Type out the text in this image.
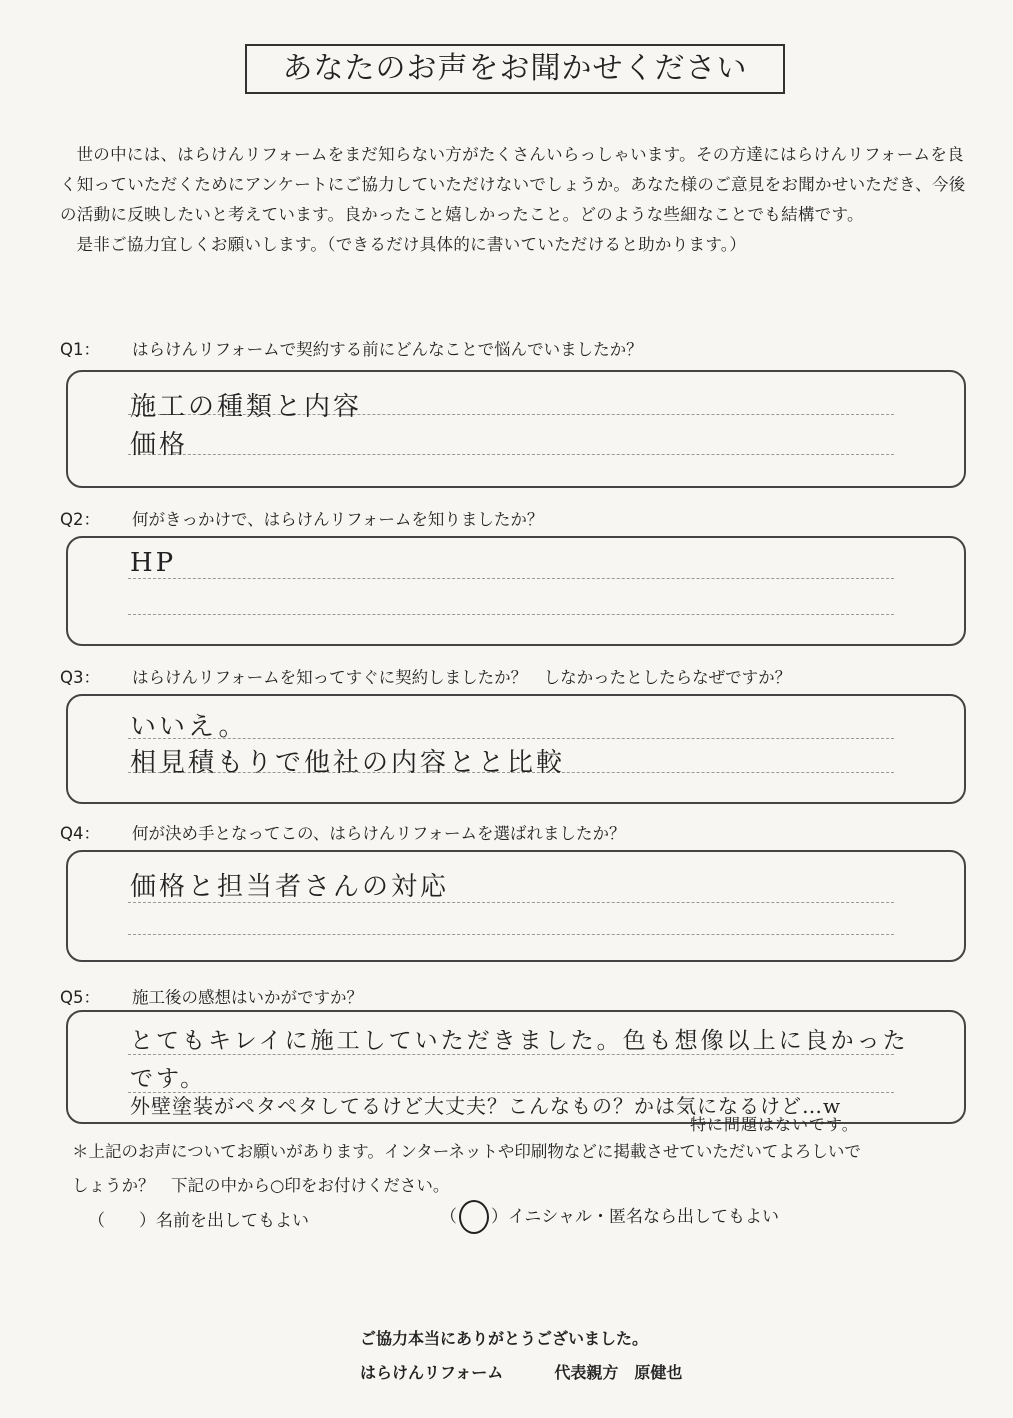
あなたのお声をお聞かせください

世の中には、はらけんリフォームをまだ知らない方がたくさんいらっしゃいます。その方達にはらけんリフォームを良く知っていただくためにアンケートにご協力していただけないでしょうか。あなた様のご意見をお聞かせいただき、今後の活動に反映したいと考えています。良かったこと嬉しかったこと。どのような些細なことでも結構です。

是非ご協力宜しくお願いします。（できるだけ具体的に書いていただけると助かります。）

Q1： はらけんリフォームで契約する前にどんなことで悩んでいましたか？
施工の種類と内容
価格
Q2： 何がきっかけで、はらけんリフォームを知りましたか？
HP
Q3： はらけんリフォームを知ってすぐに契約しましたか？　しなかったとしたらなぜですか？
いいえ。
相見積もりで他社の内容とと比較
Q4： 何が決め手となってこの、はらけんリフォームを選ばれましたか？
価格と担当者さんの対応
Q5： 施工後の感想はいかがですか？
とてもキレイに施工していただきました。色も想像以上に良かった
です。
外壁塗装がペタペタしてるけど大丈夫？こんなもの？かは気になるけど…w
特に問題はないです。
＊上記のお声についてお願いがあります。インターネットや印刷物などに掲載させていただいてよろしいで
しょうか？　下記の中から○印をお付けください。
（　　）名前を出してもよい	（ ）イニシャル・匿名なら出してもよい
ご協力本当にありがとうございました。
はらけんリフォーム	代表親方　原健也
